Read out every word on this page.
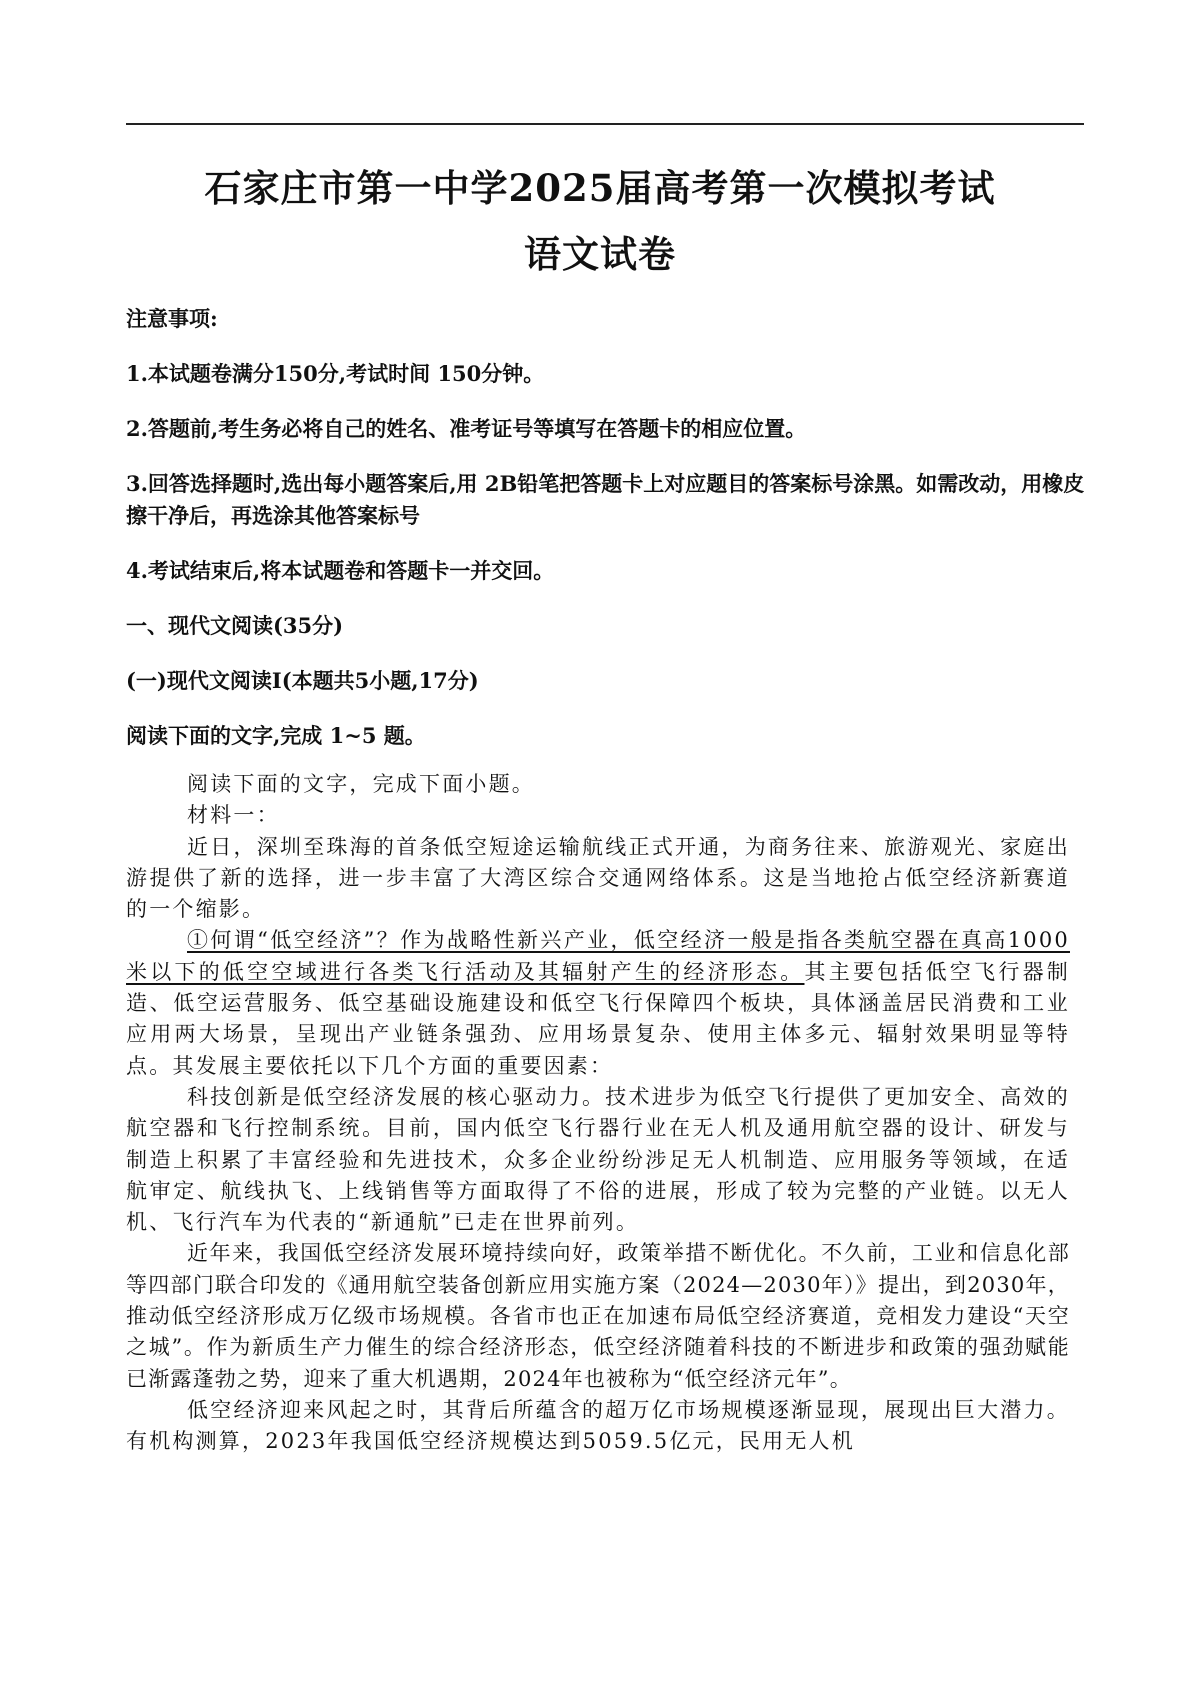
石家庄市第一中学2025届高考第一次模拟考试
语文试卷
注意事项:
1.本试题卷满分150分,考试时间 150分钟。
2.答题前,考生务必将自己的姓名、准考证号等填写在答题卡的相应位置。
3.回答选择题时,选出每小题答案后,用 2B铅笔把答题卡上对应题目的答案标号涂黑。如需改动，用橡皮擦干净后，再选涂其他答案标号
4.考试结束后,将本试题卷和答题卡一并交回。
一、现代文阅读(35分)
(一)现代文阅读I(本题共5小题,17分)
阅读下面的文字,完成 1~5 题。

阅读下面的文字，完成下面小题。

材料一：

近日，深圳至珠海的首条低空短途运输航线正式开通，为商务往来、旅游观光、家庭出游提供了新的选择，进一步丰富了大湾区综合交通网络体系。这是当地抢占低空经济新赛道的一个缩影。

①何谓“低空经济”？作为战略性新兴产业，低空经济一般是指各类航空器在真高1000米以下的低空空域进行各类飞行活动及其辐射产生的经济形态。其主要包括低空飞行器制造、低空运营服务、低空基础设施建设和低空飞行保障四个板块，具体涵盖居民消费和工业应用两大场景，呈现出产业链条强劲、应用场景复杂、使用主体多元、辐射效果明显等特点。其发展主要依托以下几个方面的重要因素：

科技创新是低空经济发展的核心驱动力。技术进步为低空飞行提供了更加安全、高效的航空器和飞行控制系统。目前，国内低空飞行器行业在无人机及通用航空器的设计、研发与制造上积累了丰富经验和先进技术，众多企业纷纷涉足无人机制造、应用服务等领域，在适航审定、航线执飞、上线销售等方面取得了不俗的进展，形成了较为完整的产业链。以无人机、飞行汽车为代表的“新通航”已走在世界前列。

近年来，我国低空经济发展环境持续向好，政策举措不断优化。不久前，工业和信息化部等四部门联合印发的《通用航空装备创新应用实施方案（2024—2030年）》提出，到2030年，推动低空经济形成万亿级市场规模。各省市也正在加速布局低空经济赛道，竞相发力建设“天空之城”。作为新质生产力催生的综合经济形态，低空经济随着科技的不断进步和政策的强劲赋能已渐露蓬勃之势，迎来了重大机遇期，2024年也被称为“低空经济元年”。

低空经济迎来风起之时，其背后所蕴含的超万亿市场规模逐渐显现，展现出巨大潜力。有机构测算，2023年我国低空经济规模达到5059.5亿元，民用无人机
